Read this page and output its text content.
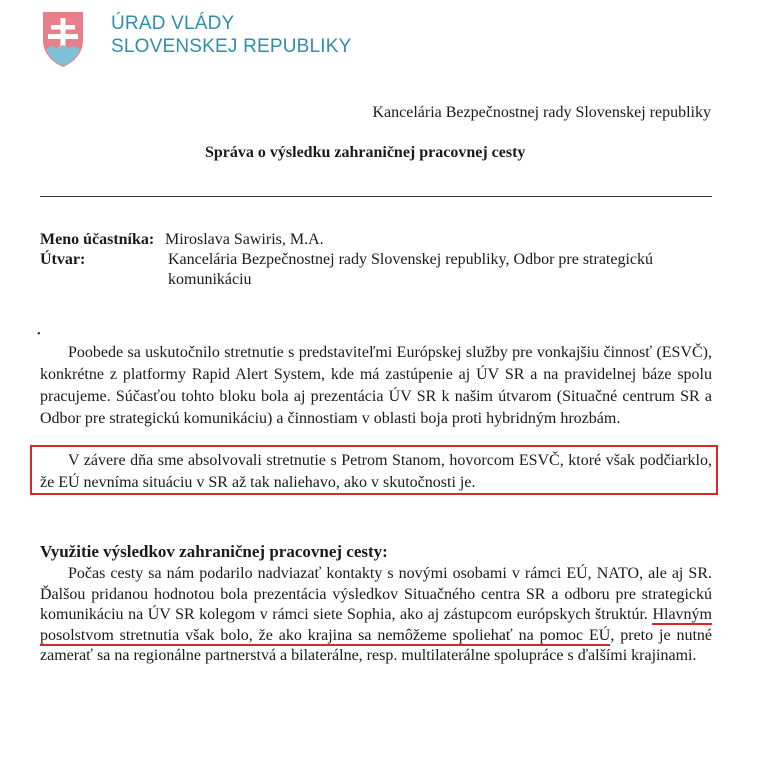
ÚRAD VLÁDY
SLOVENSKEJ REPUBLIKY
Kancelária Bezpečnostnej rady Slovenskej republiky
Správa o výsledku zahraničnej pracovnej cesty
Meno účastníka: Miroslava Sawiris, M.A.
Útvar:	Kancelária Bezpečnostnej rady Slovenskej republiky, Odbor pre strategickú komunikáciu
•
Poobede sa uskutočnilo stretnutie s predstaviteľmi Európskej služby pre vonkajšiu činnosť (ESVČ), konkrétne z platformy Rapid Alert System, kde má zastúpenie aj ÚV SR a na pravidelnej báze spolu pracujeme. Súčasťou tohto bloku bola aj prezentácia ÚV SR k našim útvarom (Situačné centrum SR a Odbor pre strategickú komunikáciu) a činnostiam v oblasti boja proti hybridným hrozbám.
V závere dňa sme absolvovali stretnutie s Petrom Stanom, hovorcom ESVČ, ktoré však podčiarklo, že EÚ nevníma situáciu v SR až tak naliehavo, ako v skutočnosti je.
Využitie výsledkov zahraničnej pracovnej cesty:
Počas cesty sa nám podarilo nadviazať kontakty s novými osobami v rámci EÚ, NATO, ale aj SR. Ďalšou pridanou hodnotou bola prezentácia výsledkov Situačného centra SR a odboru pre strategickú komunikáciu na ÚV SR kolegom v rámci siete Sophia, ako aj zástupcom európskych štruktúr. Hlavným posolstvom stretnutia však bolo, že ako krajina sa nemôžeme spoliehať na pomoc EÚ, preto je nutné zamerať sa na regionálne partnerstvá a bilaterálne, resp. multilaterálne spolupráce s ďalšími krajinami.
